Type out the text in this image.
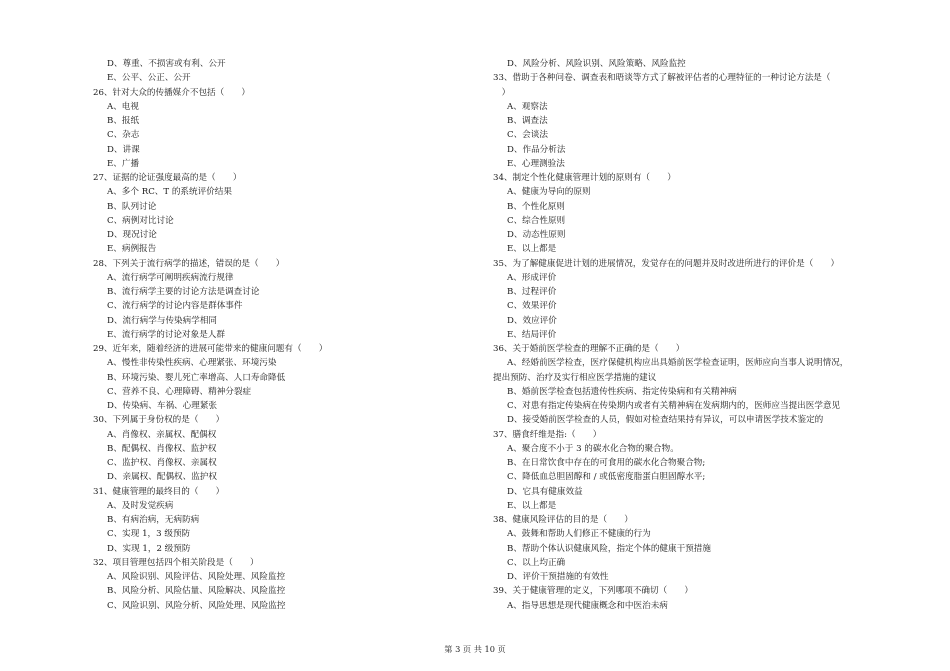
D、尊重、不损害或有利、公开
E、公平、公正、公开
26、针对大众的传播媒介不包括（　　）
A、电视
B、报纸
C、杂志
D、讲课
E、广播
27、证据的论证强度最高的是（　　）
A、多个 RC、T 的系统评价结果
B、队列讨论
C、病例对比讨论
D、现况讨论
E、病例报告
28、下列关于流行病学的描述，错误的是（　　）
A、流行病学可阐明疾病流行规律
B、流行病学主要的讨论方法是调查讨论
C、流行病学的讨论内容是群体事件
D、流行病学与传染病学相同
E、流行病学的讨论对象是人群
29、近年来，随着经济的进展可能带来的健康问题有（　　）
A、慢性非传染性疾病、心理紧张、环境污染
B、环境污染、婴儿死亡率增高、人口寿命降低
C、营养不良、心理障碍、精神分裂症
D、传染病、车祸、心理紧张
30、下列属于身份权的是（　　）
A、肖像权、亲属权、配偶权
B、配偶权、肖像权、监护权
C、监护权、肖像权、亲属权
D、亲属权、配偶权、监护权
31、健康管理的最终目的（　　）
A、及时发觉疾病
B、有病治病，无病防病
C、实现 1，3 级预防
D、实现 1，2 级预防
32、项目管理包括四个相关阶段是（　　）
A、风险识别、风险评估、风险处理、风险监控
B、风险分析、风险估量、风险解决、风险监控
C、风险识别、风险分析、风险处理、风险监控
D、风险分析、风险识别、风险策略、风险监控
33、借助于各种问卷、调查表和晤谈等方式了解被评估者的心理特征的一种讨论方法是（
　）
A、观察法
B、调查法
C、会谈法
D、作品分析法
E、心理测验法
34、制定个性化健康管理计划的原则有（　　）
A、健康为导向的原则
B、个性化原则
C、综合性原则
D、动态性原则
E、以上都是
35、为了解健康促进计划的进展情况，发觉存在的问题并及时改进所进行的评价是（　　）
A、形成评价
B、过程评价
C、效果评价
D、效应评价
E、结局评价
36、关于婚前医学检查的理解不正确的是（　　）
A、经婚前医学检查，医疗保健机构应出具婚前医学检查证明，医师应向当事人说明情况，
提出预防、治疗及实行相应医学措施的建议
B、婚前医学检查包括遗传性疾病、指定传染病和有关精神病
C、对患有指定传染病在传染期内或者有关精神病在发病期内的，医师应当提出医学意见
D、接受婚前医学检查的人员，假如对检查结果持有异议，可以申请医学技术鉴定的
37、膳食纤维是指:（　　）
A、聚合度不小于 3 的碳水化合物的聚合物。
B、在日常饮食中存在的可食用的碳水化合物聚合物;
C、降低血总胆固醇和 / 或低密度脂蛋白胆固醇水平;
D、它具有健康效益
E、以上都是
38、健康风险评估的目的是（　　）
A、鼓舞和帮助人们修正不健康的行为
B、帮助个体认识健康风险，指定个体的健康干预措施
C、以上均正确
D、评价干预措施的有效性
39、关于健康管理的定义，下列哪项不确切（　　）
A、指导思想是现代健康概念和中医治未病
第 3 页 共 10 页
